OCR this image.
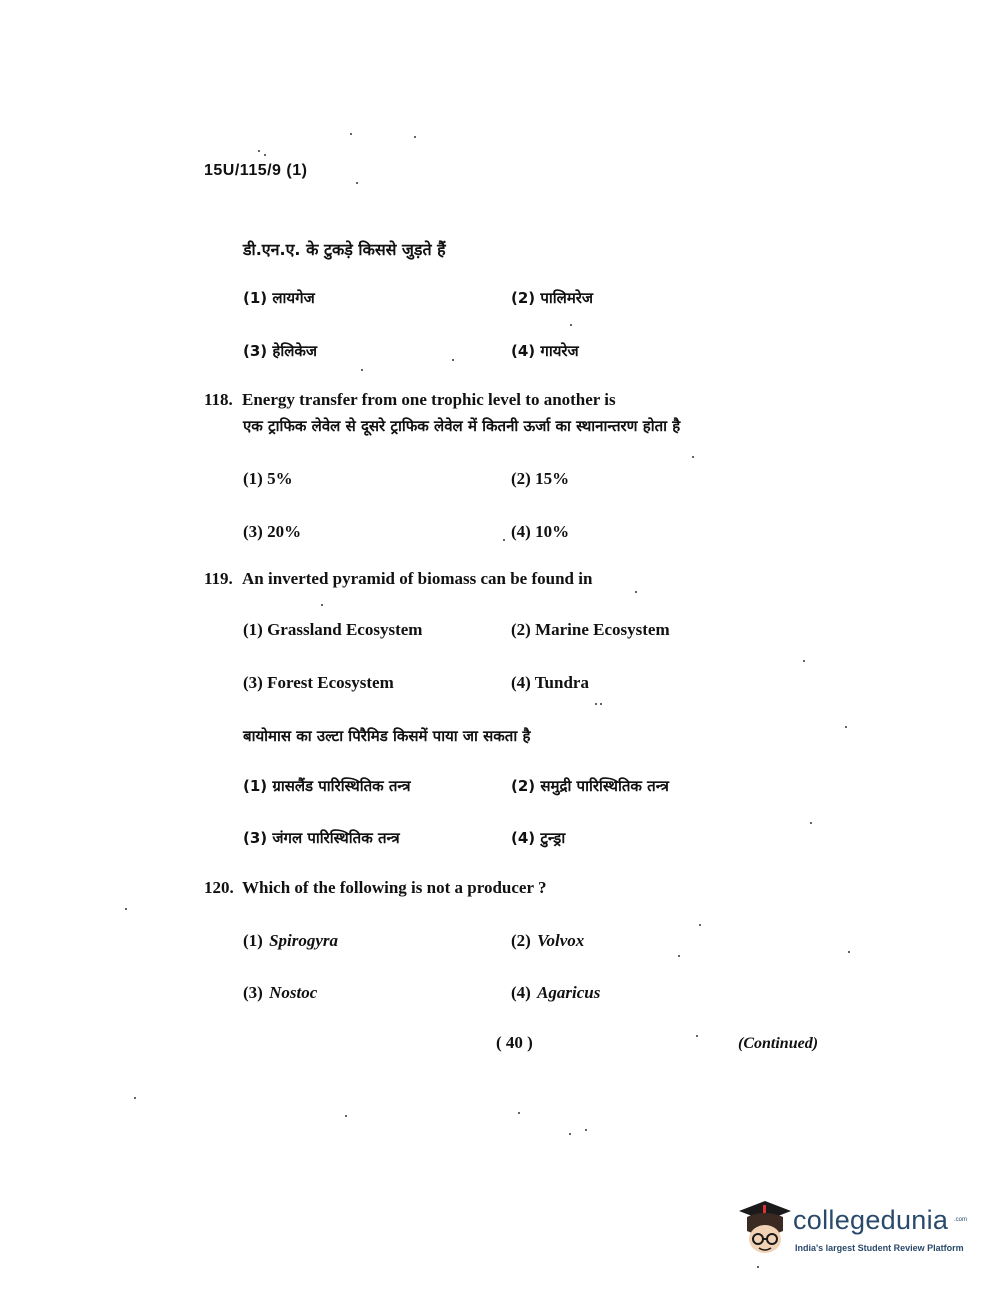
15U/115/9 (1)
डी.एन.ए. के टुकड़े किससे जुड़ते हैं
(1) लायगेज	(2) पालिमरेज
(3) हेलिकेज	(4) गायरेज
118. Energy transfer from one trophic level to another is
एक ट्राफिक लेवेल से दूसरे ट्राफिक लेवेल में कितनी ऊर्जा का स्थानान्तरण होता है
(1) 5%	(2) 15%
(3) 20%	(4) 10%
119. An inverted pyramid of biomass can be found in
(1) Grassland Ecosystem	(2) Marine Ecosystem
(3) Forest Ecosystem	(4) Tundra
बायोमास का उल्टा पिरैमिड किसमें पाया जा सकता है
(1) ग्रासलैंड पारिस्थितिक तन्त्र	(2) समुद्री पारिस्थितिक तन्त्र
(3) जंगल पारिस्थितिक तन्त्र	(4) टुन्ड्रा
120. Which of the following is not a producer ?
(1) Spirogyra	(2) Volvox
(3) Nostoc	(4) Agaricus
( 40 )	(Continued)
collegedunia .com
India's largest Student Review Platform
